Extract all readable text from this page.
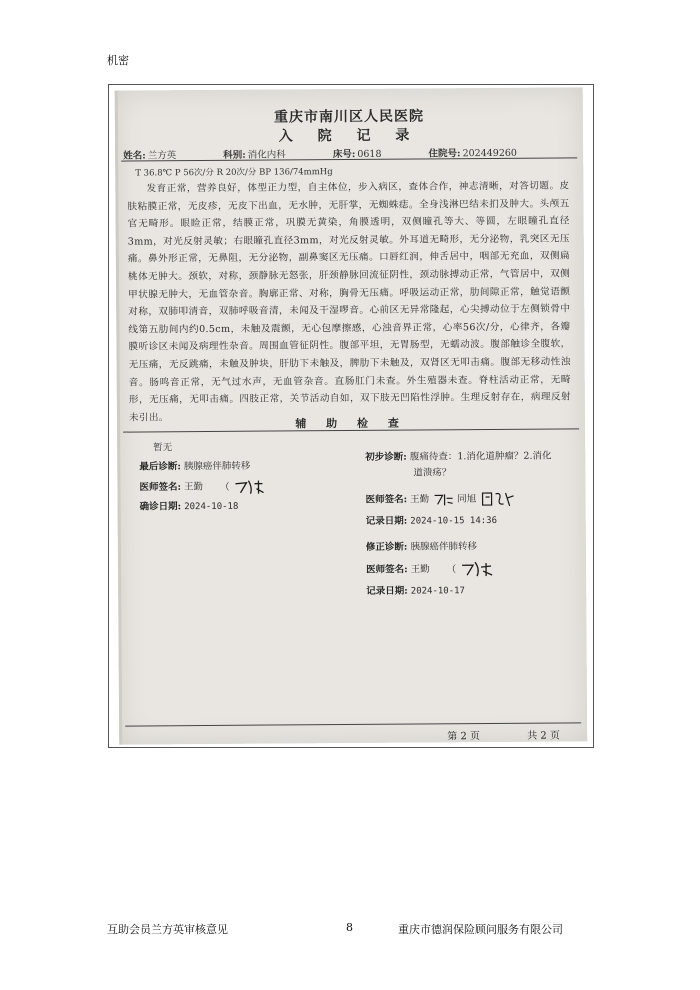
机密
重庆市南川区人民医院
入 院 记 录
姓名: 兰方英	科别: 消化内科	床号: 0618	住院号: 202449260
T 36.8℃ P 56次/分 R 20次/分 BP 136/74mmHg
发育正常，营养良好，体型正力型，自主体位，步入病区，查体合作，神志清晰，对答切题。皮肤粘膜正常，无皮疹，无皮下出血，无水肿，无肝掌，无蜘蛛痣。全身浅淋巴结未扪及肿大。头颅五官无畸形。眼睑正常，结膜正常，巩膜无黄染，角膜透明，双侧瞳孔等大、等圆，左眼瞳孔直径3mm，对光反射灵敏；右眼瞳孔直径3mm，对光反射灵敏。外耳道无畸形，无分泌物，乳突区无压痛。鼻外形正常，无鼻阻，无分泌物，副鼻窦区无压痛。口唇红润，伸舌居中，咽部无充血，双侧扁桃体无肿大。颈软，对称，颈静脉无怒张，肝颈静脉回流征阴性，颈动脉搏动正常，气管居中，双侧甲状腺无肿大，无血管杂音。胸廓正常、对称，胸骨无压痛。呼吸运动正常，肋间隙正常，触觉语颤对称，双肺叩清音，双肺呼吸音清，未闻及干湿啰音。心前区无异常隆起，心尖搏动位于左侧锁骨中线第五肋间内约0.5cm，未触及震颤，无心包摩擦感，心浊音界正常，心率56次/分，心律齐，各瓣膜听诊区未闻及病理性杂音。周围血管征阴性。腹部平坦，无胃肠型，无蠕动波。腹部触诊全腹软，无压痛，无反跳痛，未触及肿块，肝肋下未触及，脾肋下未触及，双肾区无叩击痛。腹部无移动性浊音。肠鸣音正常，无气过水声，无血管杂音。直肠肛门未查。外生殖器未查。脊柱活动正常，无畸形，无压痛，无叩击痛。四肢正常，关节活动自如，双下肢无凹陷性浮肿。生理反射存在，病理反射未引出。	辅 助 检 查
暂无
最后诊断: 胰腺癌伴肺转移
医师签名: 王勤 （
确诊日期: 2024-10-18
初步诊断: 腹痛待查：1.消化道肿瘤？2.消化
道溃疡？
医师签名: 王勤	同旭
记录日期: 2024-10-15 14:36
修正诊断: 胰腺癌伴肺转移
医师签名: 王勤 （
记录日期: 2024-10-17
第 2 页	共 2 页
互助会员兰方英审核意见	8	重庆市德润保险顾问服务有限公司
